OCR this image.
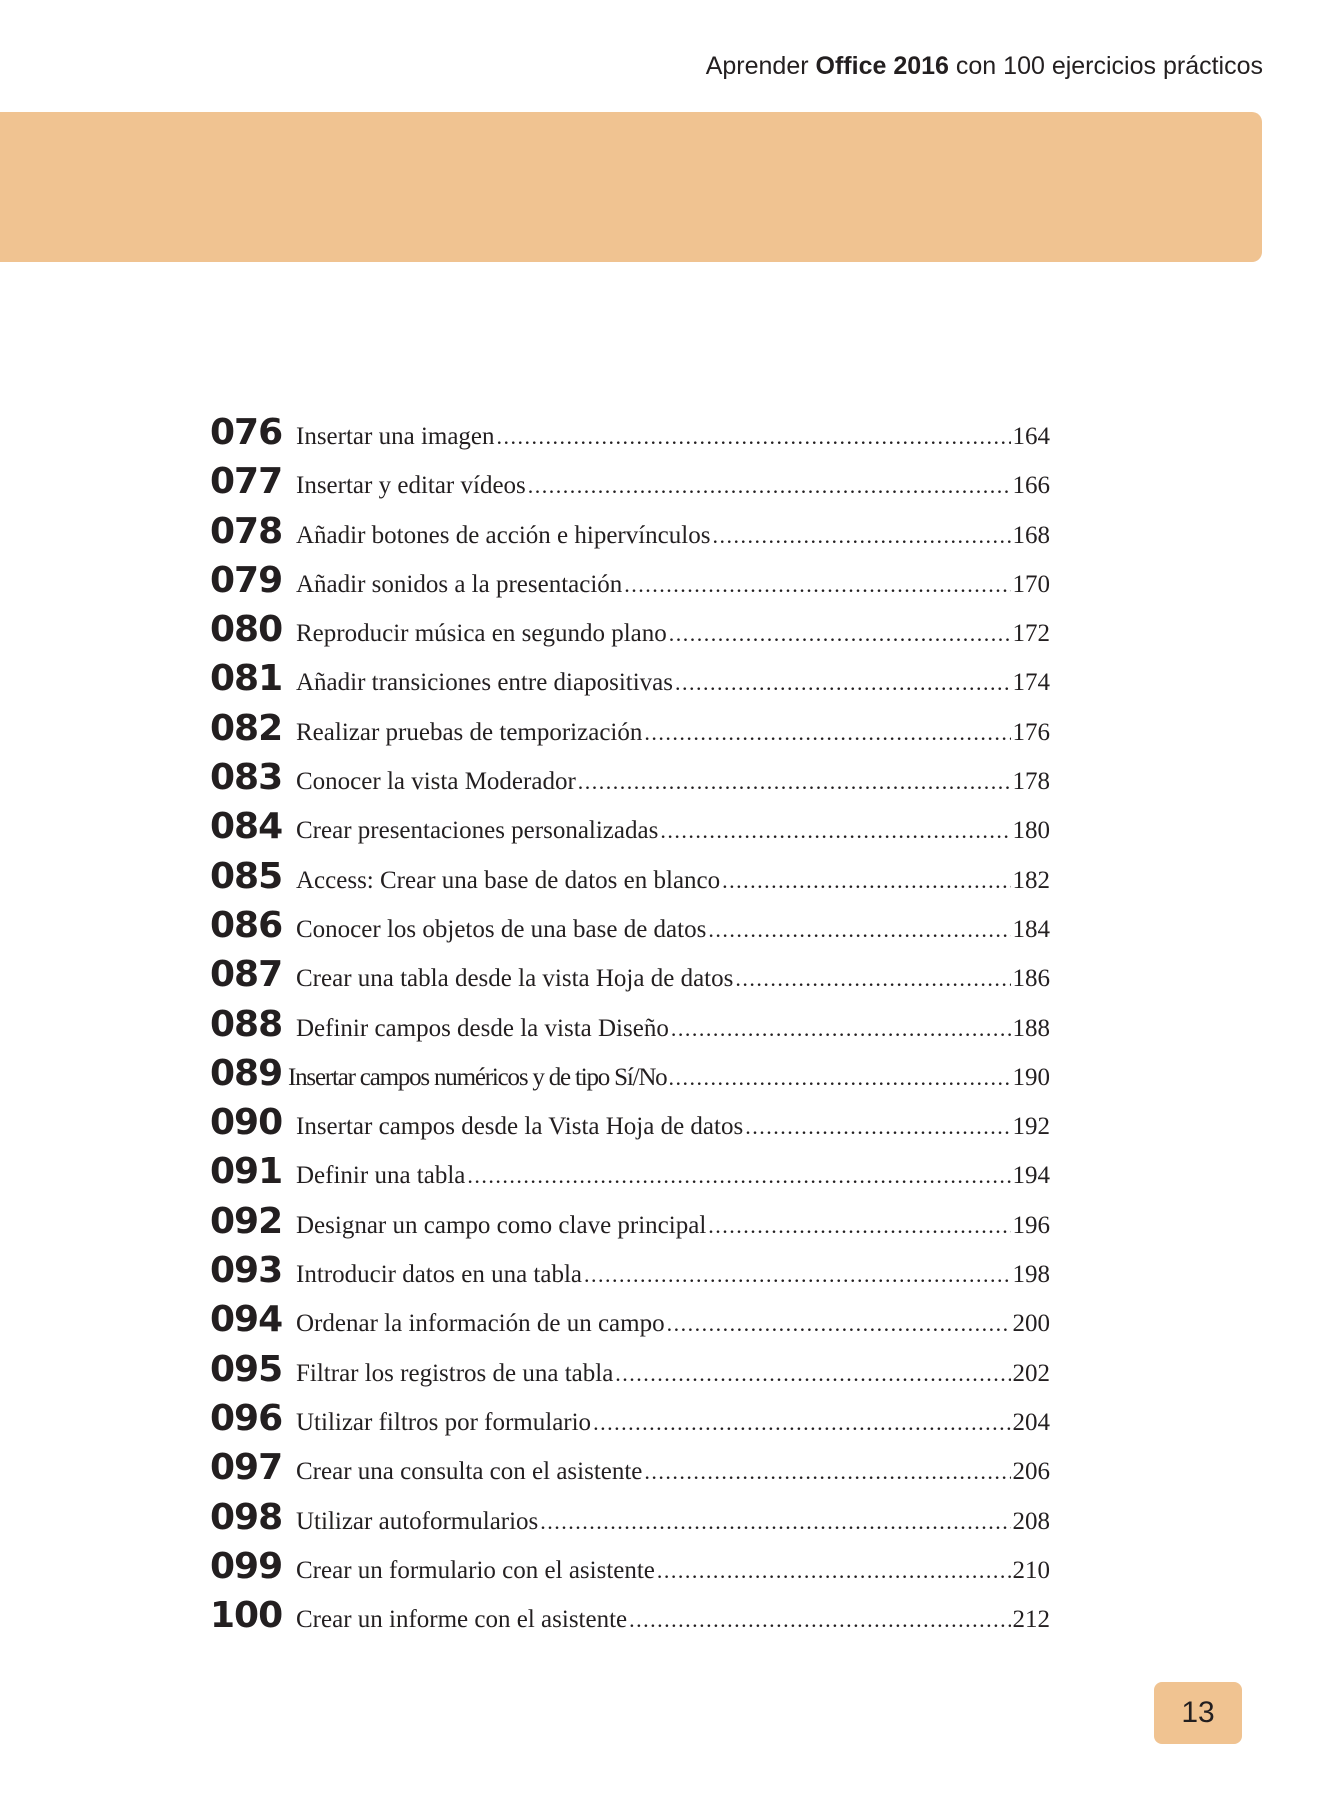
Aprender Office 2016 con 100 ejercicios prácticos
076 Insertar una imagen .....	164
077 Insertar y editar vídeos .....	166
078 Añadir botones de acción e hipervínculos .....	168
079 Añadir sonidos a la presentación .....	170
080 Reproducir música en segundo plano .....	172
081 Añadir transiciones entre diapositivas .....	174
082 Realizar pruebas de temporización .....	176
083 Conocer la vista Moderador .....	178
084 Crear presentaciones personalizadas .....	180
085 Access: Crear una base de datos en blanco .....	182
086 Conocer los objetos de una base de datos .....	184
087 Crear una tabla desde la vista Hoja de datos .....	186
088 Definir campos desde la vista Diseño .....	188
089 Insertar campos numéricos y de tipo Sí/No .....	190
090 Insertar campos desde la Vista Hoja de datos .....	192
091 Definir una tabla .....	194
092 Designar un campo como clave principal .....	196
093 Introducir datos en una tabla .....	198
094 Ordenar la información de un campo .....	200
095 Filtrar los registros de una tabla .....	202
096 Utilizar filtros por formulario .....	204
097 Crear una consulta con el asistente .....	206
098 Utilizar autoformularios .....	208
099 Crear un formulario con el asistente .....	210
100 Crear un informe con el asistente .....	212
13
